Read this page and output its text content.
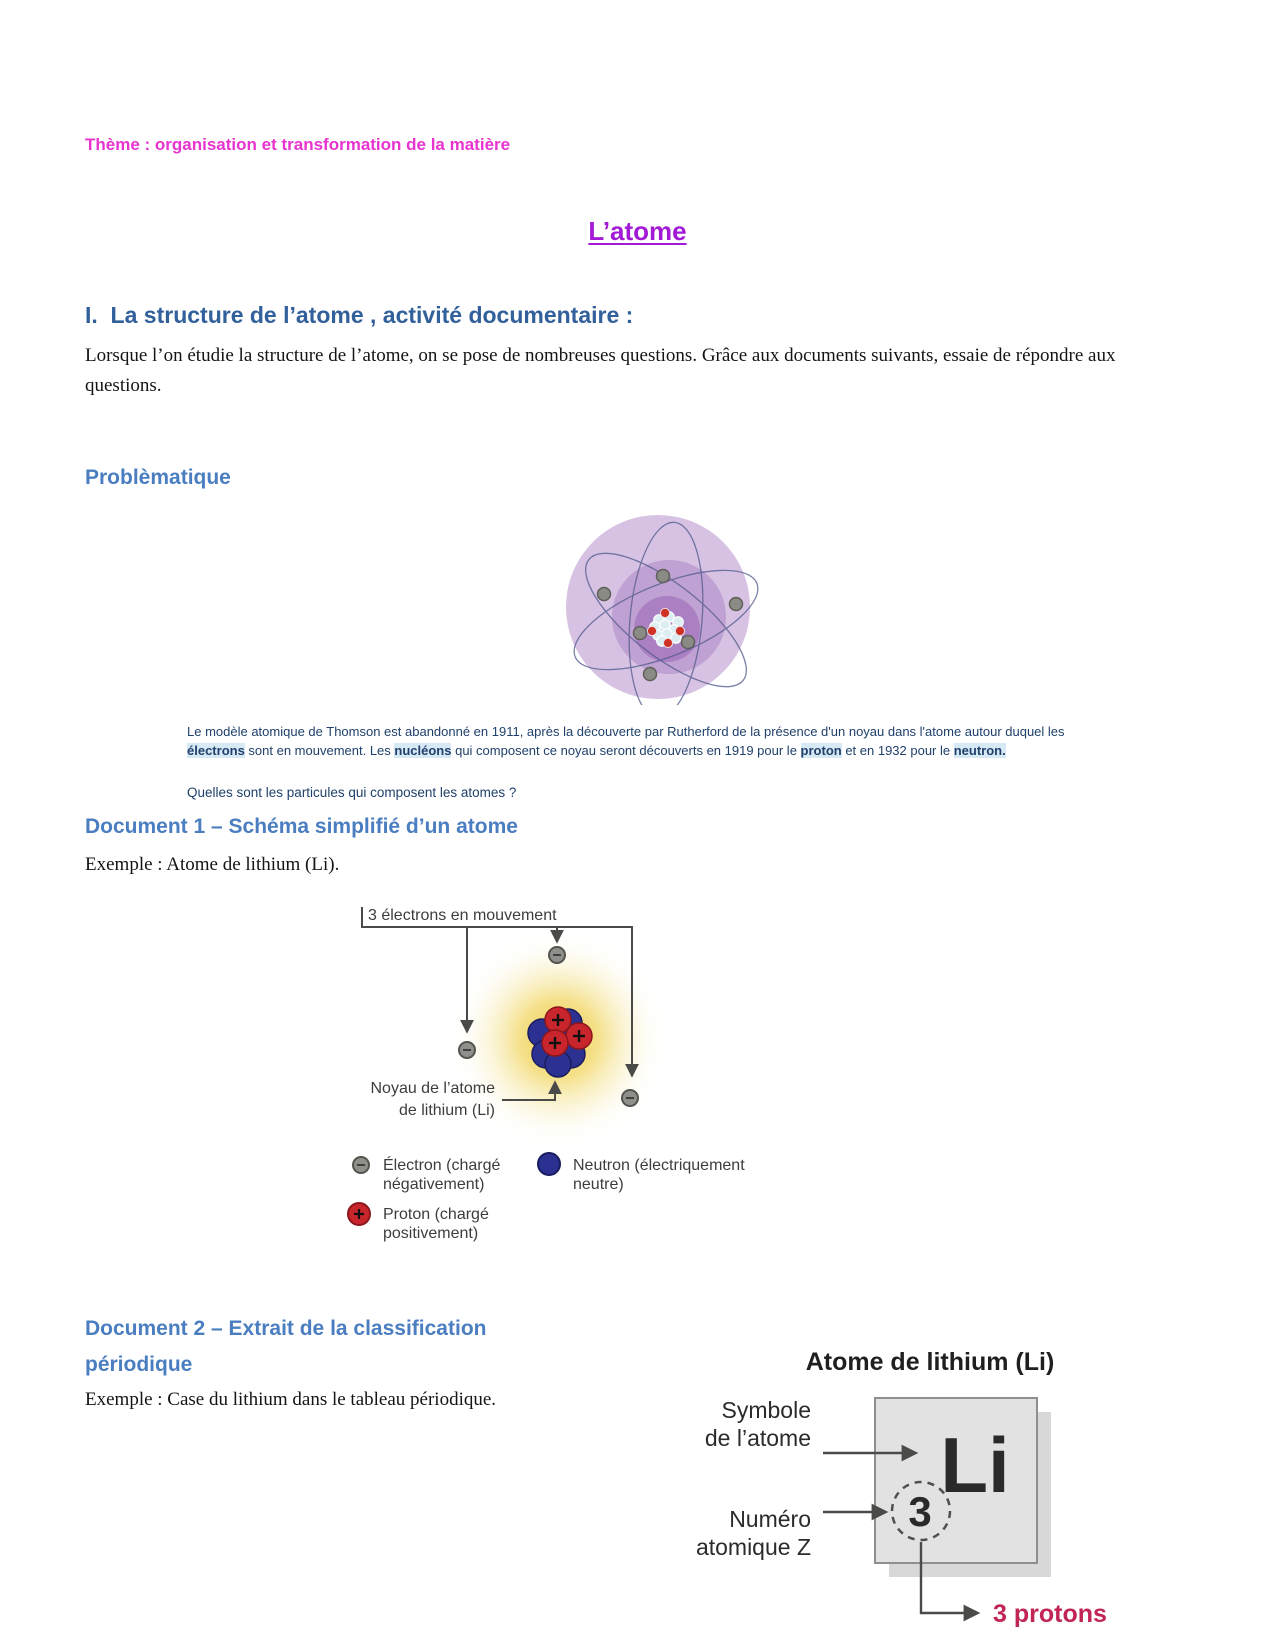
Thème : organisation et transformation de la matière
L’atome
I.  La structure de l’atome , activité documentaire :
Lorsque l’on étudie la structure de l’atome, on se pose de nombreuses questions. Grâce aux documents suivants, essaie de répondre aux questions.
Problèmatique
Le modèle atomique de Thomson est abandonné en 1911, après la découverte par Rutherford de la présence d'un noyau dans l'atome autour duquel les électrons sont en mouvement. Les nucléons qui composent ce noyau seront découverts en 1919 pour le proton et en 1932 pour le neutron.
Quelles sont les particules qui composent les atomes ?
Document 1 – Schéma simplifié d’un atome
Exemple : Atome de lithium (Li).
3 électrons en mouvement
Noyau de l’atome
de lithium (Li)
Électron (chargé
négativement)
Neutron (électriquement
neutre)
Proton (chargé
positivement)
Document 2 – Extrait de la classification
périodique
Exemple : Case du lithium dans le tableau périodique.
Atome de lithium (Li)
Li
3
Symbole
de l’atome
Numéro
atomique Z
3 protons
